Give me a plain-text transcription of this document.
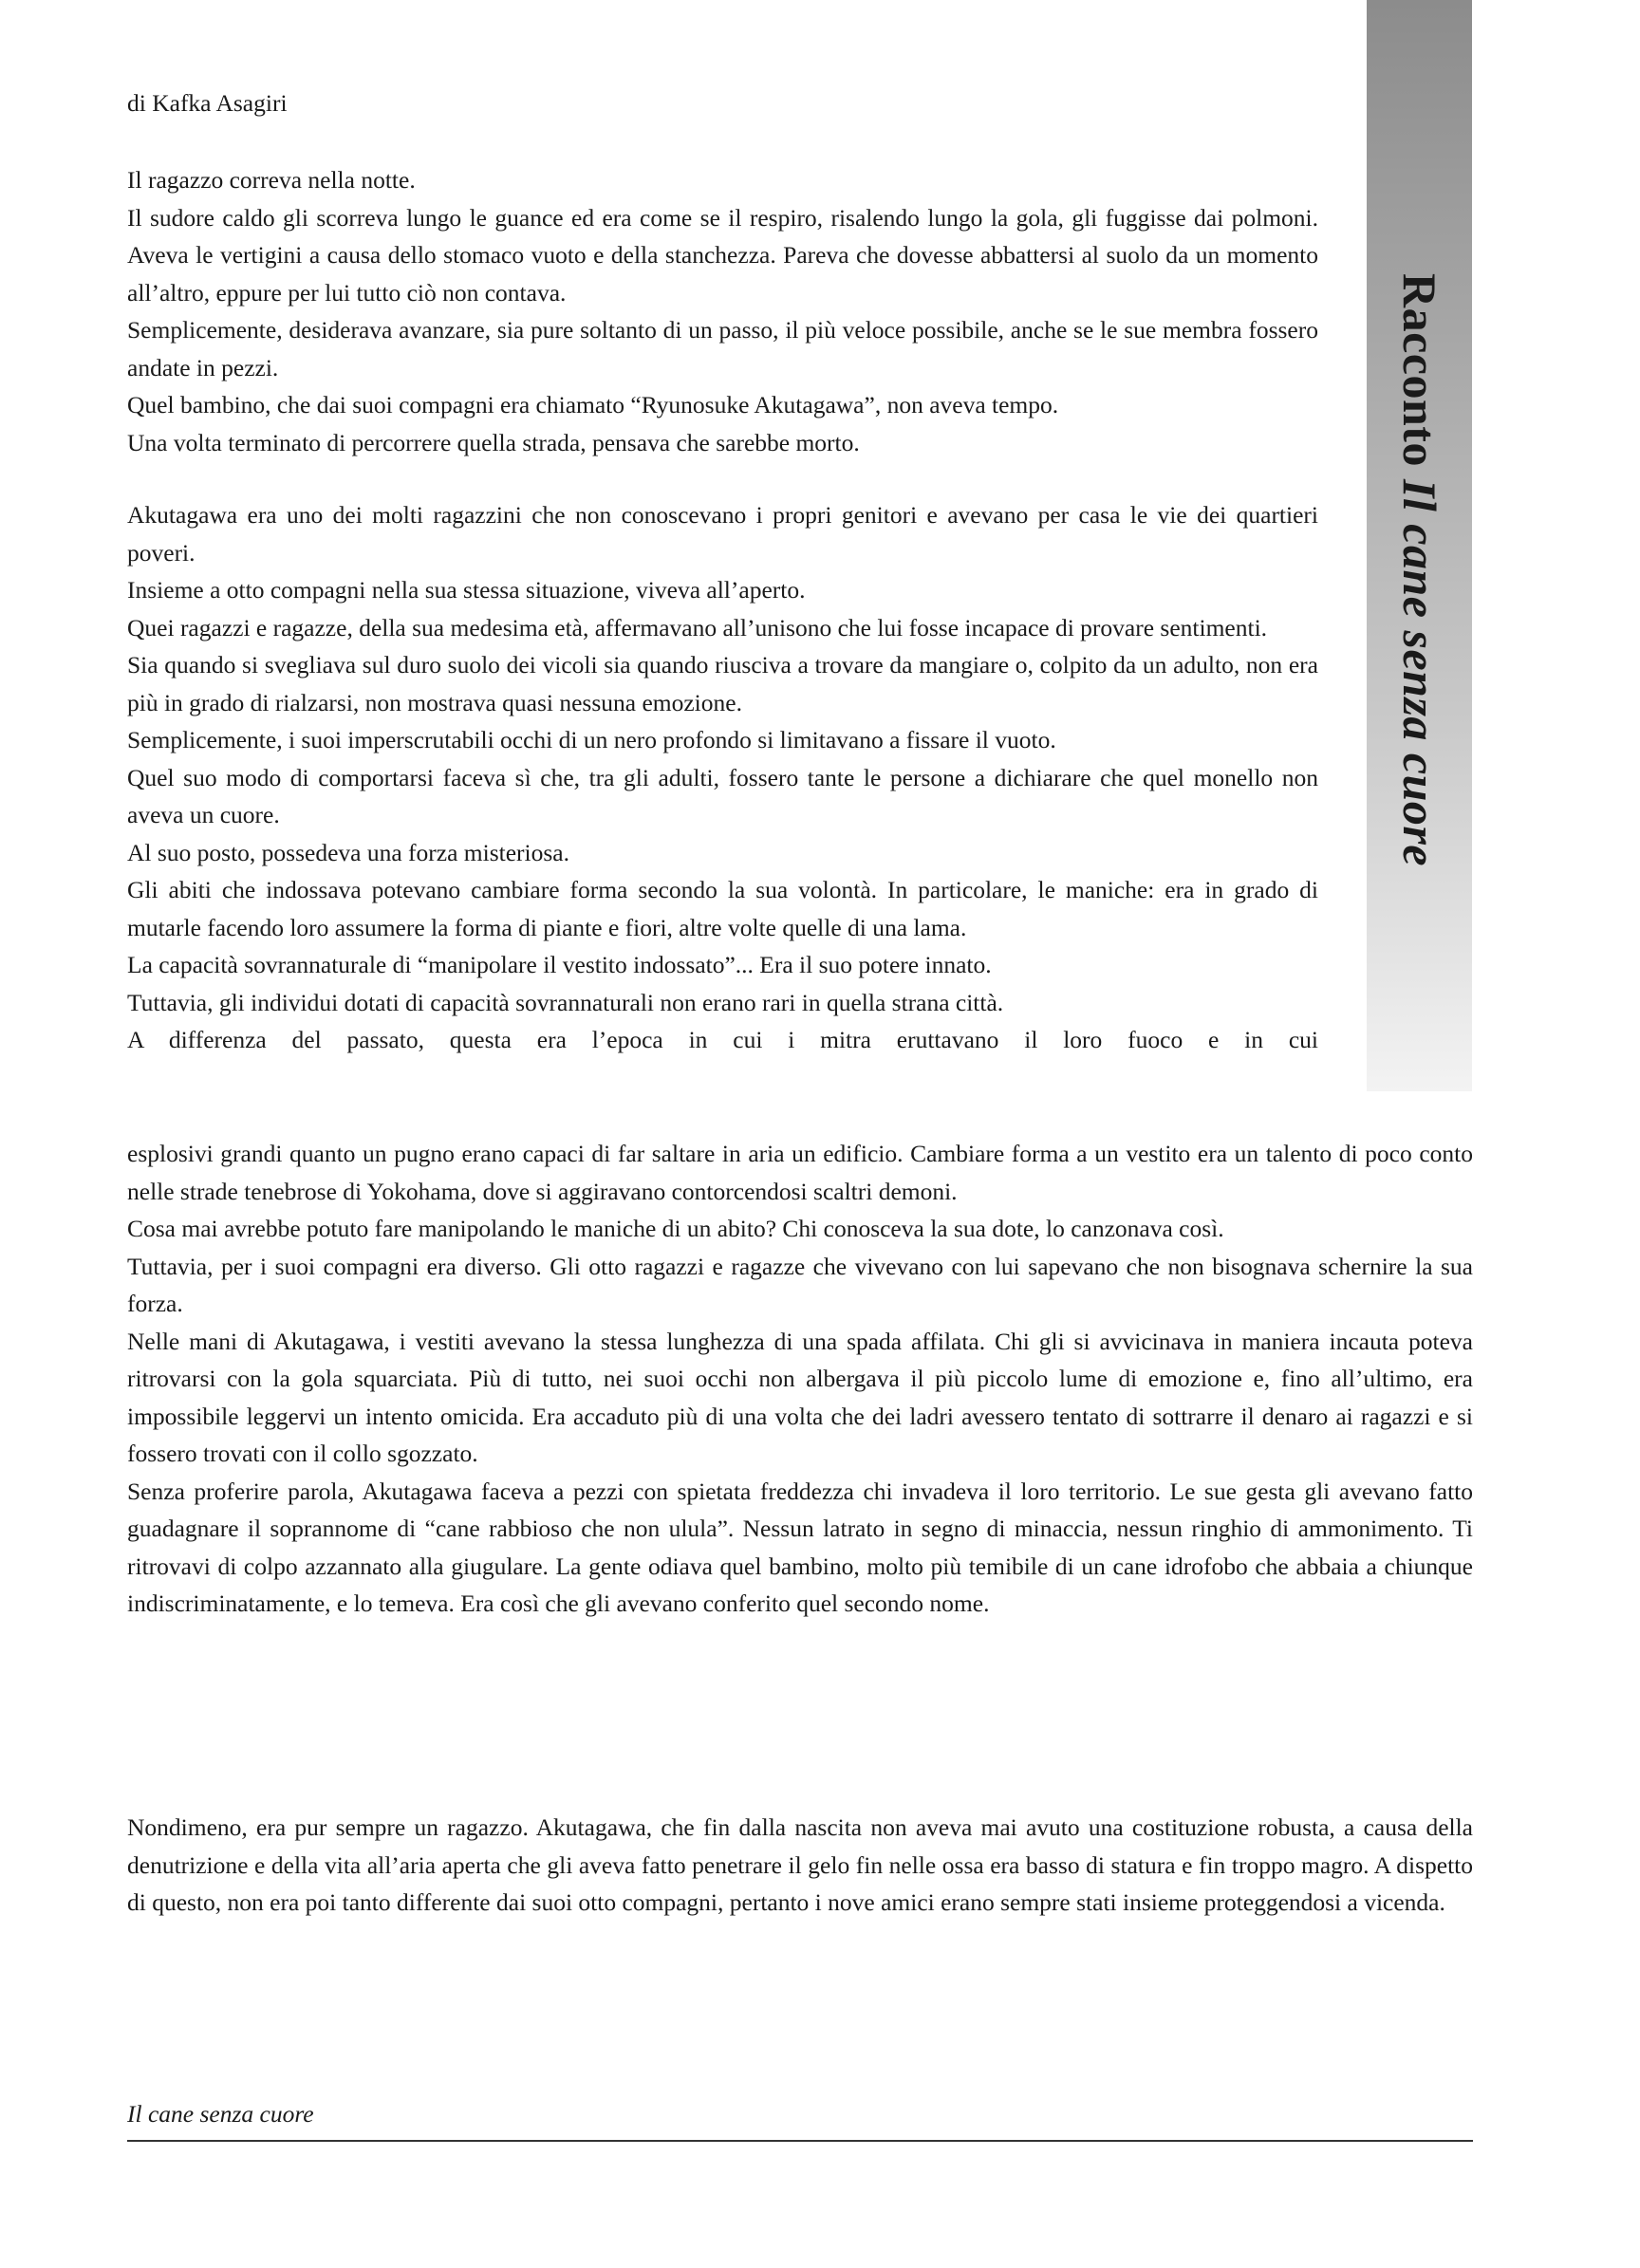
Racconto Il cane senza cuore
di Kafka Asagiri

Il ragazzo correva nella notte.

Il sudore caldo gli scorreva lungo le guance ed era come se il respiro, risalendo lungo la gola, gli fuggisse dai polmoni. Aveva le vertigini a causa dello stomaco vuoto e della stanchezza. Pareva che dovesse abbattersi al suolo da un momento all’altro, eppure per lui tutto ciò non contava.

Semplicemente, desiderava avanzare, sia pure soltanto di un passo, il più veloce possibile, anche se le sue membra fossero andate in pezzi.

Quel bambino, che dai suoi compagni era chiamato “Ryunosuke Akutagawa”, non aveva tempo.

Una volta terminato di percorrere quella strada, pensava che sarebbe morto.

Akutagawa era uno dei molti ragazzini che non conoscevano i propri genitori e avevano per casa le vie dei quartieri poveri.

Insieme a otto compagni nella sua stessa situazione, viveva all’aperto.

Quei ragazzi e ragazze, della sua medesima età, affermavano all’unisono che lui fosse incapace di provare sentimenti.

Sia quando si svegliava sul duro suolo dei vicoli sia quando riusciva a trovare da mangiare o, colpito da un adulto, non era più in grado di rialzarsi, non mostrava quasi nessuna emozione.

Semplicemente, i suoi imperscrutabili occhi di un nero profondo si limitavano a fissare il vuoto.

Quel suo modo di comportarsi faceva sì che, tra gli adulti, fossero tante le persone a dichiarare che quel monello non aveva un cuore.

Al suo posto, possedeva una forza misteriosa.

Gli abiti che indossava potevano cambiare forma secondo la sua volontà. In particolare, le maniche: era in grado di mutarle facendo loro assumere la forma di piante e fiori, altre volte quelle di una lama.

La capacità sovrannaturale di “manipolare il vestito indossato”... Era il suo potere innato.

Tuttavia, gli individui dotati di capacità sovrannaturali non erano rari in quella strana città.

A differenza del passato, questa era l’epoca in cui i mitra eruttavano il loro fuoco e in cui

esplosivi grandi quanto un pugno erano capaci di far saltare in aria un edificio. Cambiare forma a un vestito era un talento di poco conto nelle strade tenebrose di Yokohama, dove si aggiravano contorcendosi scaltri demoni.

Cosa mai avrebbe potuto fare manipolando le maniche di un abito? Chi conosceva la sua dote, lo canzonava così.

Tuttavia, per i suoi compagni era diverso. Gli otto ragazzi e ragazze che vivevano con lui sapevano che non bisognava schernire la sua forza.

Nelle mani di Akutagawa, i vestiti avevano la stessa lunghezza di una spada affilata. Chi gli si avvicinava in maniera incauta poteva ritrovarsi con la gola squarciata. Più di tutto, nei suoi occhi non albergava il più piccolo lume di emozione e, fino all’ultimo, era impossibile leggervi un intento omicida. Era accaduto più di una volta che dei ladri avessero tentato di sottrarre il denaro ai ragazzi e si fossero trovati con il collo sgozzato.

Senza proferire parola, Akutagawa faceva a pezzi con spietata freddezza chi invadeva il loro territorio. Le sue gesta gli avevano fatto guadagnare il soprannome di “cane rabbioso che non ulula”. Nessun latrato in segno di minaccia, nessun ringhio di ammonimento. Ti ritrovavi di colpo azzannato alla giugulare. La gente odiava quel bambino, molto più temibile di un cane idrofobo che abbaia a chiunque indiscriminatamente, e lo temeva. Era così che gli avevano conferito quel secondo nome.

Nondimeno, era pur sempre un ragazzo. Akutagawa, che fin dalla nascita non aveva mai avuto una costituzione robusta, a causa della denutrizione e della vita all’aria aperta che gli aveva fatto penetrare il gelo fin nelle ossa era basso di statura e fin troppo magro. A dispetto di questo, non era poi tanto differente dai suoi otto compagni, pertanto i nove amici erano sempre stati insieme proteggendosi a vicenda.

Il cane senza cuore
